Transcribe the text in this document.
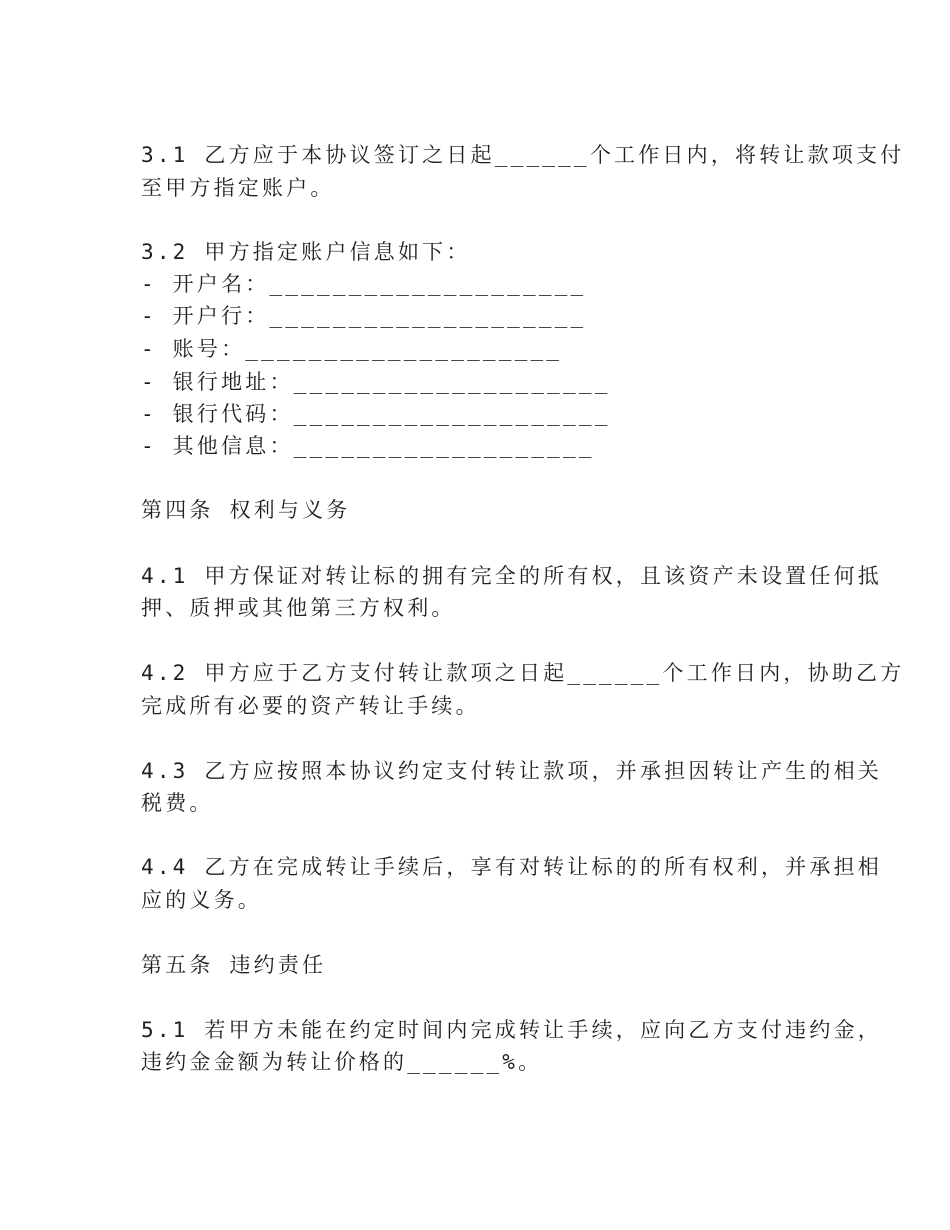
3.1 乙方应于本协议签订之日起______个工作日内，将转让款项支付
至甲方指定账户。
3.2 甲方指定账户信息如下：
- 开户名：____________________
- 开户行：____________________
- 账号：____________________
- 银行地址：____________________
- 银行代码：____________________
- 其他信息：___________________
第四条 权利与义务
4.1 甲方保证对转让标的拥有完全的所有权，且该资产未设置任何抵
押、质押或其他第三方权利。
4.2 甲方应于乙方支付转让款项之日起______个工作日内，协助乙方
完成所有必要的资产转让手续。
4.3 乙方应按照本协议约定支付转让款项，并承担因转让产生的相关
税费。
4.4 乙方在完成转让手续后，享有对转让标的的所有权利，并承担相
应的义务。
第五条 违约责任
5.1 若甲方未能在约定时间内完成转让手续，应向乙方支付违约金，
违约金金额为转让价格的______%。
